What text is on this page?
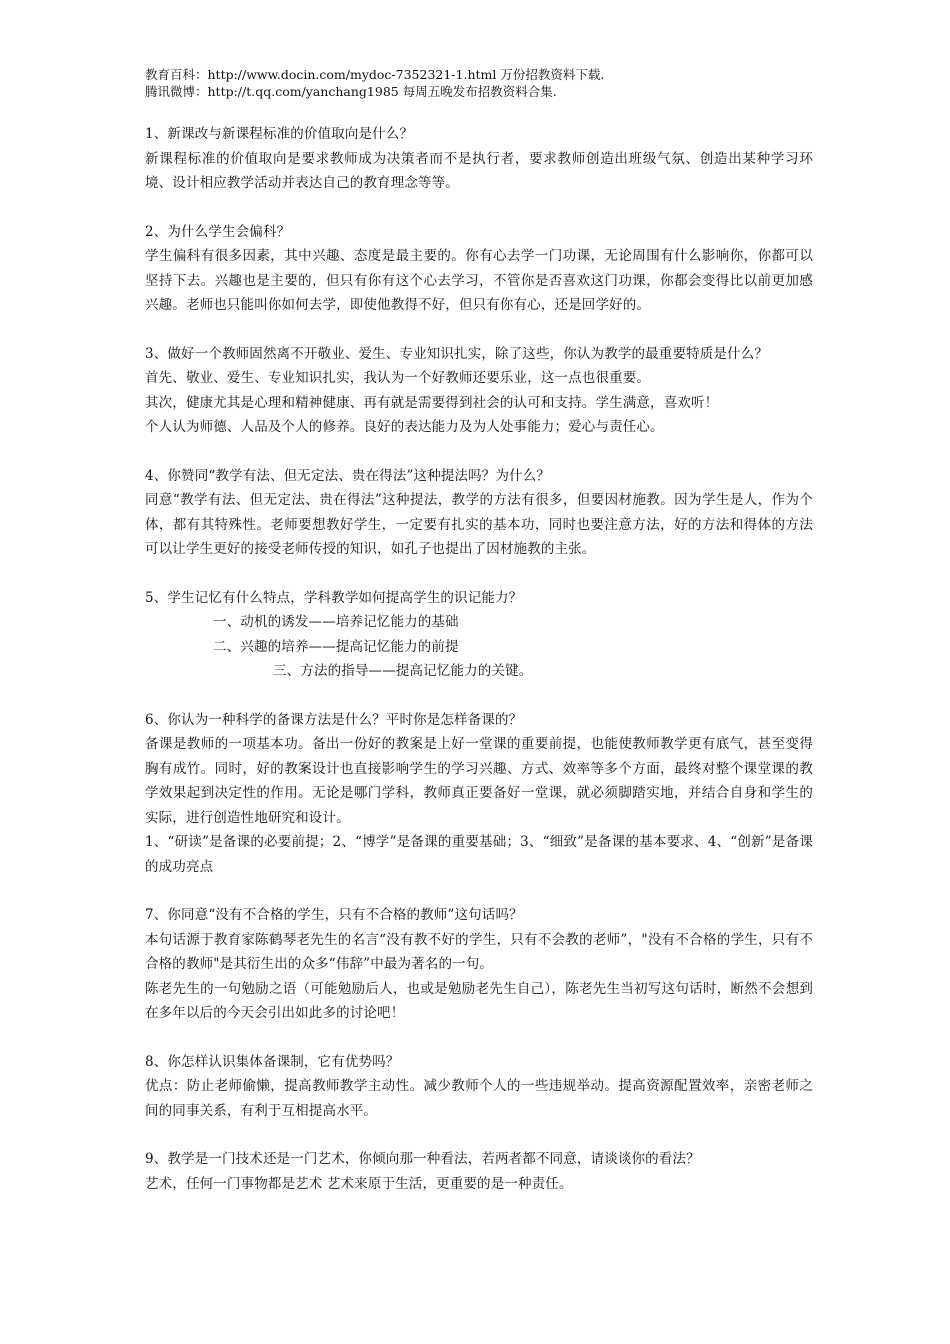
教育百科：http://www.docin.com/mydoc-7352321-1.html 万份招教资料下载.

腾讯微博：http://t.qq.com/yanchang1985 每周五晚发布招教资料合集.

1、新课改与新课程标准的价值取向是什么？

新课程标准的价值取向是要求教师成为决策者而不是执行者，要求教师创造出班级气氛、创造出某种学习环境、设计相应教学活动并表达自己的教育理念等等。

2、为什么学生会偏科？

学生偏科有很多因素，其中兴趣、态度是最主要的。你有心去学一门功课，无论周围有什么影响你，你都可以坚持下去。兴趣也是主要的，但只有你有这个心去学习，不管你是否喜欢这门功课，你都会变得比以前更加感兴趣。老师也只能叫你如何去学，即使他教得不好，但只有你有心，还是回学好的。

3、做好一个教师固然离不开敬业、爱生、专业知识扎实，除了这些，你认为教学的最重要特质是什么？

首先、敬业、爱生、专业知识扎实，我认为一个好教师还要乐业，这一点也很重要。

其次，健康尤其是心理和精神健康、再有就是需要得到社会的认可和支持。学生满意，喜欢听！

个人认为师德、人品及个人的修养。良好的表达能力及为人处事能力；爱心与责任心。

4、你赞同“教学有法、但无定法、贵在得法”这种提法吗？为什么？

同意“教学有法、但无定法、贵在得法”这种提法，教学的方法有很多，但要因材施教。因为学生是人，作为个体，都有其特殊性。老师要想教好学生，一定要有扎实的基本功，同时也要注意方法，好的方法和得体的方法可以让学生更好的接受老师传授的知识，如孔子也提出了因材施教的主张。

5、学生记忆有什么特点，学科教学如何提高学生的识记能力？

一、动机的诱发——培养记忆能力的基础

二、兴趣的培养——提高记忆能力的前提

三、方法的指导——提高记忆能力的关键。

6、你认为一种科学的备课方法是什么？平时你是怎样备课的？

备课是教师的一项基本功。备出一份好的教案是上好一堂课的重要前提，也能使教师教学更有底气，甚至变得胸有成竹。同时，好的教案设计也直接影响学生的学习兴趣、方式、效率等多个方面，最终对整个课堂课的教学效果起到决定性的作用。无论是哪门学科，教师真正要备好一堂课，就必须脚踏实地，并结合自身和学生的实际，进行创造性地研究和设计。

1、“研读”是备课的必要前提；2、“博学”是备课的重要基础；3、“细致”是备课的基本要求、4、“创新”是备课的成功亮点

7、你同意“没有不合格的学生，只有不合格的教师”这句话吗？

本句话源于教育家陈鹤琴老先生的名言“没有教不好的学生，只有不会教的老师”，"没有不合格的学生，只有不合格的教师"是其衍生出的众多“伟辞”中最为著名的一句。

陈老先生的一句勉励之语（可能勉励后人，也或是勉励老先生自己），陈老先生当初写这句话时，断然不会想到在多年以后的今天会引出如此多的讨论吧！

8、你怎样认识集体备课制，它有优势吗？

优点：防止老师偷懒，提高教师教学主动性。减少教师个人的一些违规举动。提高资源配置效率，亲密老师之间的同事关系，有利于互相提高水平。

9、教学是一门技术还是一门艺术，你倾向那一种看法，若两者都不同意，请谈谈你的看法？

艺术，任何一门事物都是艺术 艺术来原于生活，更重要的是一种责任。
